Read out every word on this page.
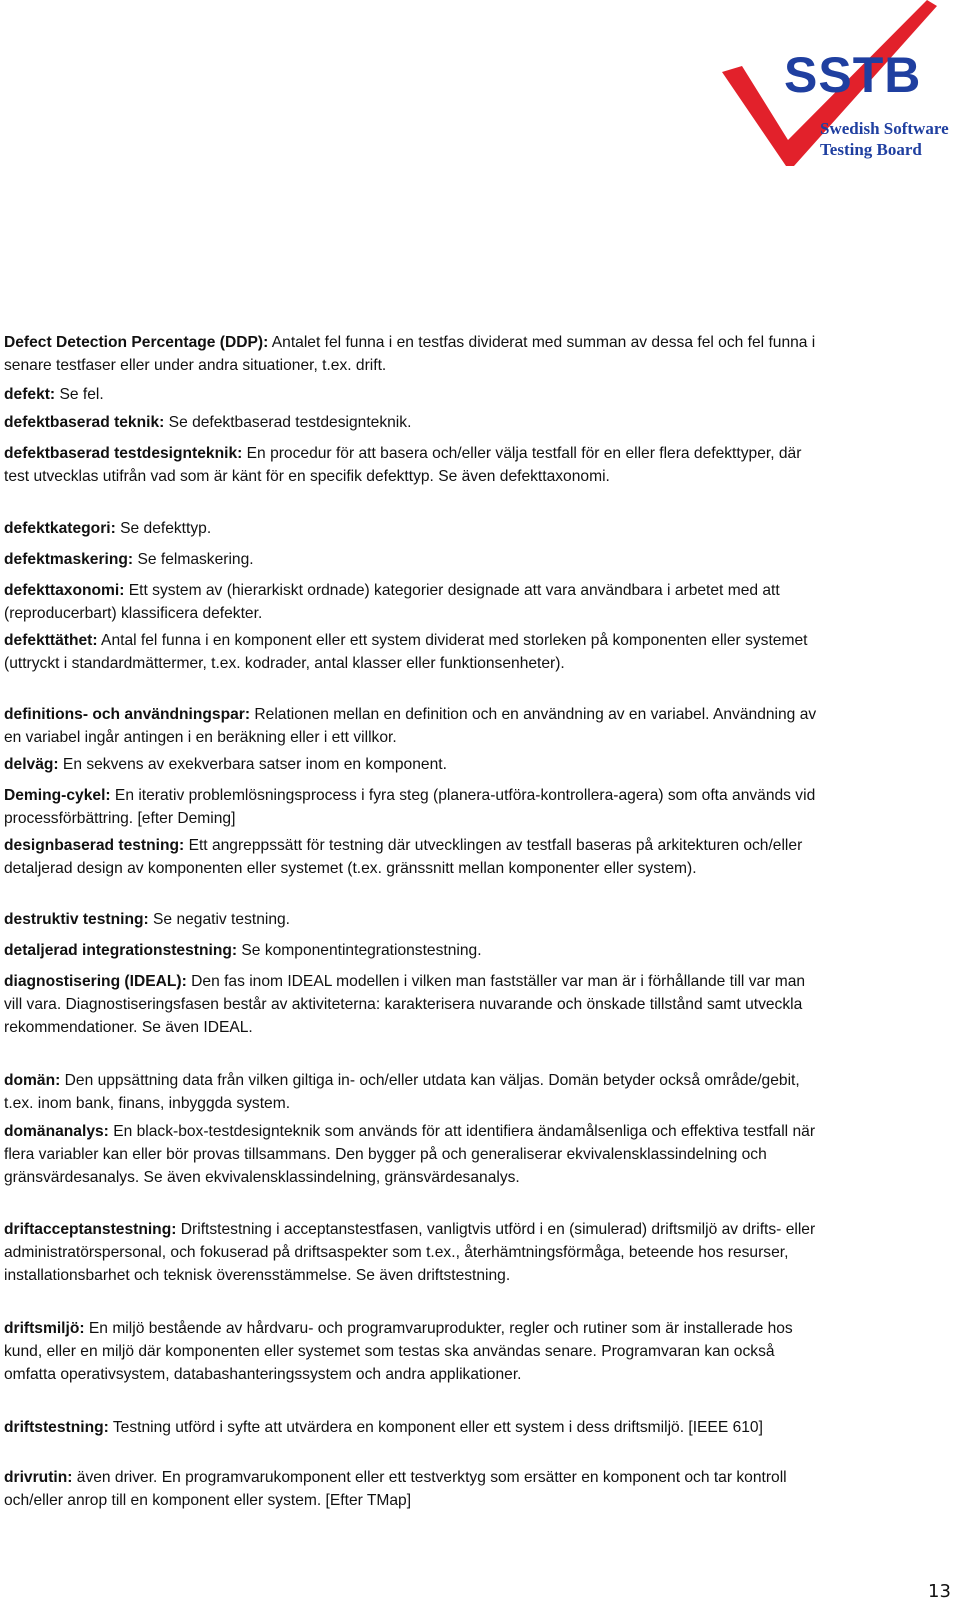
SSTB
Swedish Software
Testing Board

Defect Detection Percentage (DDP): Antalet fel funna i en testfas dividerat med summan av dessa fel och fel funna i senare testfaser eller under andra situationer, t.ex. drift.

defekt: Se fel.

defektbaserad teknik: Se defektbaserad testdesignteknik.

defektbaserad testdesignteknik: En procedur för att basera och/eller välja testfall för en eller flera defekttyper, där test utvecklas utifrån vad som är känt för en specifik defekttyp. Se även defekttaxonomi.

defektkategori: Se defekttyp.

defektmaskering: Se felmaskering.

defekttaxonomi: Ett system av (hierarkiskt ordnade) kategorier designade att vara användbara i arbetet med att (reproducerbart) klassificera defekter.

defekttäthet: Antal fel funna i en komponent eller ett system dividerat med storleken på komponenten eller systemet (uttryckt i standardmättermer, t.ex. kodrader, antal klasser eller funktionsenheter).

definitions- och användningspar: Relationen mellan en definition och en användning av en variabel. Användning av en variabel ingår antingen i en beräkning eller i ett villkor.

delväg: En sekvens av exekverbara satser inom en komponent.

Deming-cykel: En iterativ problemlösningsprocess i fyra steg (planera-utföra-kontrollera-agera) som ofta används vid processförbättring. [efter Deming]

designbaserad testning: Ett angreppssätt för testning där utvecklingen av testfall baseras på arkitekturen och/eller detaljerad design av komponenten eller systemet (t.ex. gränssnitt mellan komponenter eller system).

destruktiv testning: Se negativ testning.

detaljerad integrationstestning: Se komponentintegrationstestning.

diagnostisering (IDEAL): Den fas inom IDEAL modellen i vilken man fastställer var man är i förhållande till var man vill vara. Diagnostiseringsfasen består av aktiviteterna: karakterisera nuvarande och önskade tillstånd samt utveckla rekommendationer. Se även IDEAL.

domän: Den uppsättning data från vilken giltiga in- och/eller utdata kan väljas. Domän betyder också område/gebit, t.ex. inom bank, finans, inbyggda system.

domänanalys: En black-box-testdesignteknik som används för att identifiera ändamålsenliga och effektiva testfall när flera variabler kan eller bör provas tillsammans. Den bygger på och generaliserar ekvivalensklassindelning och gränsvärdesanalys. Se även ekvivalensklassindelning, gränsvärdesanalys.

driftacceptanstestning: Driftstestning i acceptanstestfasen, vanligtvis utförd i en (simulerad) driftsmiljö av drifts- eller administratörspersonal, och fokuserad på driftsaspekter som t.ex., återhämtningsförmåga, beteende hos resurser, installationsbarhet och teknisk överensstämmelse. Se även driftstestning.

driftsmiljö: En miljö bestående av hårdvaru- och programvaruprodukter, regler och rutiner som är installerade hos kund, eller en miljö där komponenten eller systemet som testas ska användas senare. Programvaran kan också omfatta operativsystem, databashanteringssystem och andra applikationer.

driftstestning: Testning utförd i syfte att utvärdera en komponent eller ett system i dess driftsmiljö. [IEEE 610]

drivrutin: även driver. En programvarukomponent eller ett testverktyg som ersätter en komponent och tar kontroll och/eller anrop till en komponent eller system. [Efter TMap]

13
